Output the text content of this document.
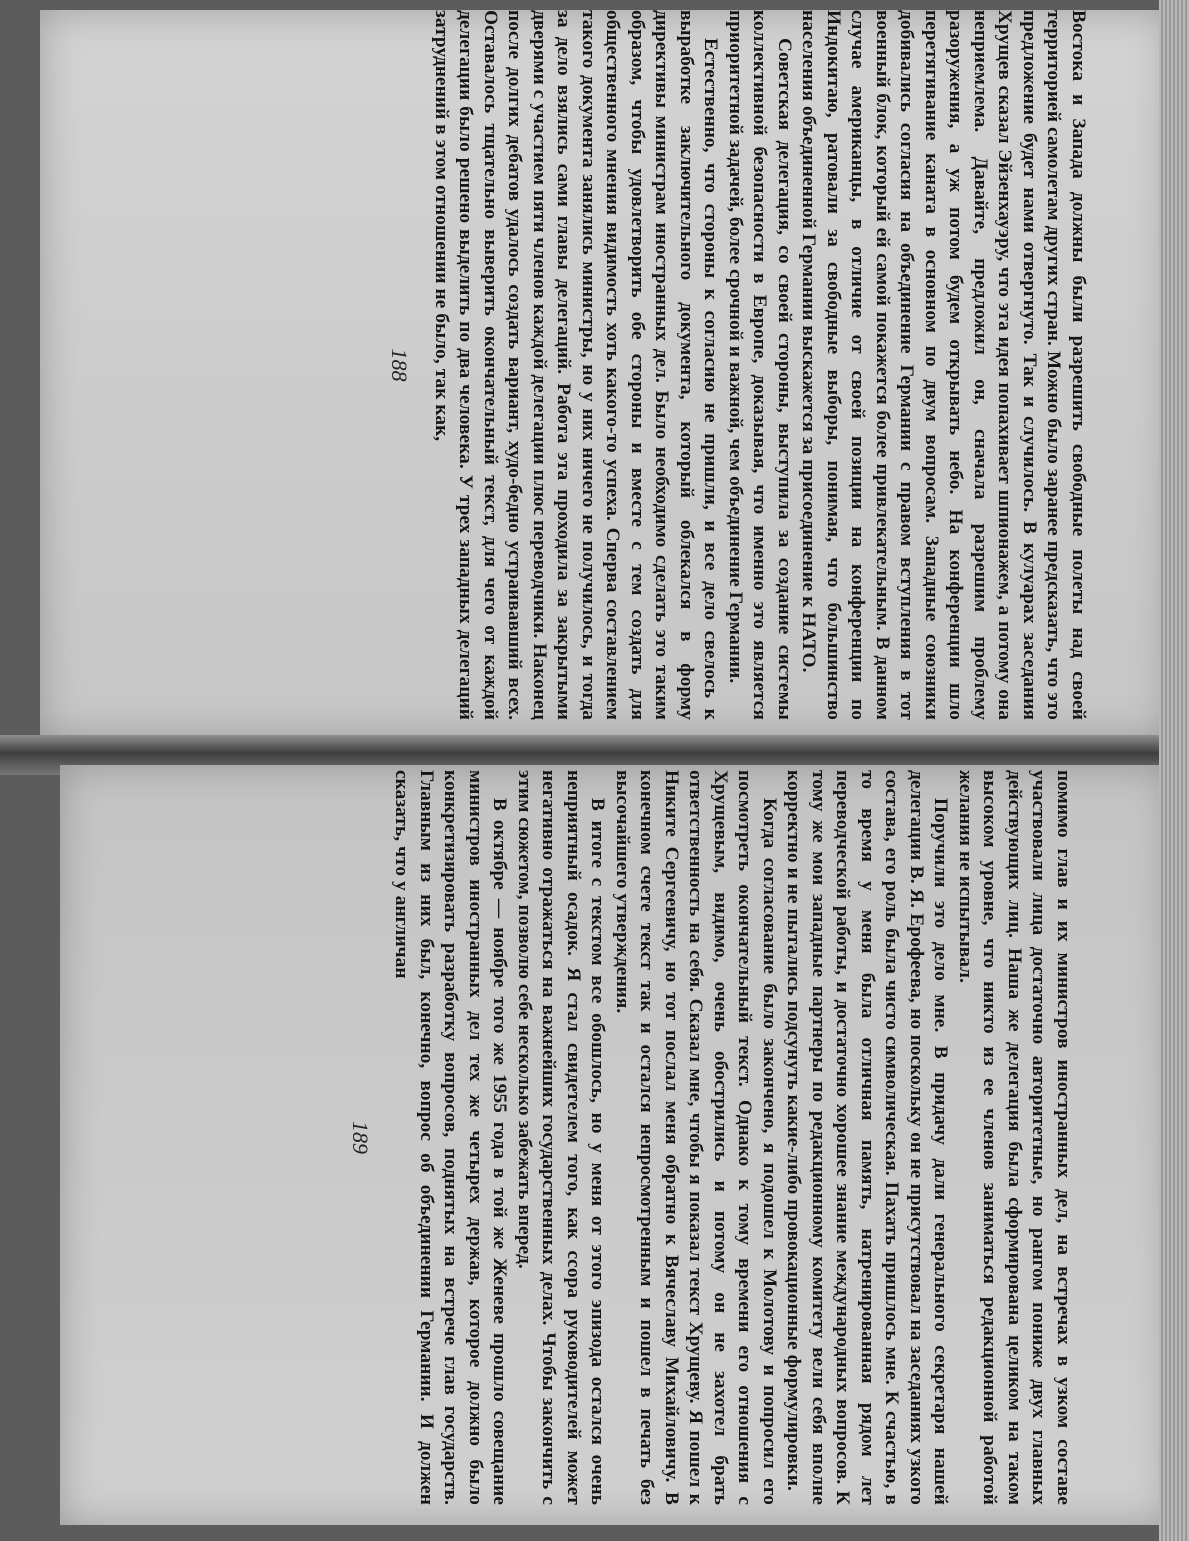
Востока и Запада должны были разрешить свободные полеты над своей территорией самолетам других стран. Можно было заранее предсказать, что это предложение будет нами отвергнуто. Так и случилось. В кулуарах заседания Хрущев сказал Эйзенхауэру, что эта идея попахивает шпионажем, а потому она неприемлема. Давайте, предложил он, сначала разрешим проблему разоружения, а уж потом будем открывать небо. На конференции шло перетягивание каната в основном по двум вопросам. Западные союзники добивались согласия на объединение Германии с правом вступления в тот военный блок, который ей самой покажется более привлекательным. В данном случае американцы, в отличие от своей позиции на конференции по Индокитаю, ратовали за свободные выборы, понимая, что большинство населения объединенной Германии выскажется за присоединение к НАТО.

Советская делегация, со своей стороны, выступила за создание системы коллективной безопасности в Европе, доказывая, что именно это является приоритетной задачей, более срочной и важной, чем объединение Германии.

Естественно, что стороны к согласию не пришли, и все дело свелось к выработке заключительного документа, который облекался в форму директивы министрам иностранных дел. Было необходимо сделать это таким образом, чтобы удовлетворить обе стороны и вместе с тем создать для общественного мнения видимость хоть какого-то успеха. Сперва составлением такого документа занялись министры, но у них ничего не получилось, и тогда за дело взялись сами главы делегаций. Работа эта проходила за закрытыми дверями с участием пяти членов каждой делегации плюс переводчики. Наконец после долгих дебатов удалось создать вариант, худо-бедно устраивавший всех. Оставалось тщательно выверить окончательный текст, для чего от каждой делегации было решено выделить по два человека. У трех западных делегаций затруднений в этом отношении не было, так как,

188

помимо глав и их министров иностранных дел, на встречах в узком составе участвовали лица достаточно авторитетные, но рангом пониже двух главных действующих лиц. Наша же делегация была сформирована целиком на таком высоком уровне, что никто из ее членов заниматься редакционной работой желания не испытывал.

Поручили это дело мне. В придачу дали генерального секретаря нашей делегации В. Я. Ерофеева, но поскольку он не присутствовал на заседаниях узкого состава, его роль была чисто символическая. Пахать пришлось мне. К счастью, в то время у меня была отличная память, натренированная рядом лет переводческой работы, и достаточно хорошее знание международных вопросов. К тому же мои западные партнеры по редакционному комитету вели себя вполне корректно и не пытались подсунуть какие-либо провокационные формулировки.

Когда согласование было закончено, я подошел к Молотову и попросил его посмотреть окончательный текст. Однако к тому времени его отношения с Хрущевым, видимо, очень обострились и потому он не захотел брать ответственность на себя. Сказал мне, чтобы я показал текст Хрущеву. Я пошел к Никите Сергеевичу, но тот послал меня обратно к Вячеславу Михайловичу. В конечном счете текст так и остался непросмотренным и пошел в печать без высочайшего утверждения.

В итоге с текстом все обошлось, но у меня от этого эпизода остался очень неприятный осадок. Я стал свидетелем того, как ссора руководителей может негативно отражаться на важнейших государственных делах. Чтобы закончить с этим сюжетом, позволю себе несколько забежать вперед.

В октябре — ноябре того же 1955 года в той же Женеве прошло совещание министров иностранных дел тех же четырех держав, которое должно было конкретизировать разработку вопросов, поднятых на встрече глав государств. Главным из них был, конечно, вопрос об объединении Германии. И должен сказать, что у англичан

189
